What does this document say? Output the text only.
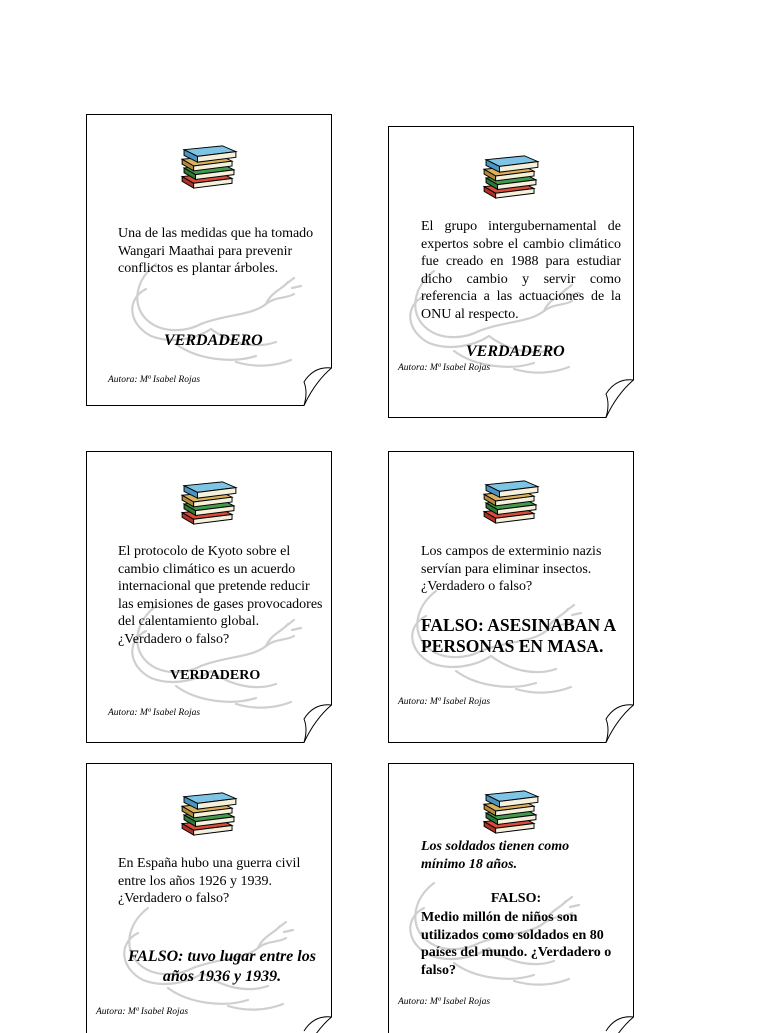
Una de las medidas que ha tomado Wangari Maathai para prevenir conflictos es plantar árboles.
VERDADERO
Autora: Mª Isabel Rojas
El grupo intergubernamental de expertos sobre el cambio climático fue creado en 1988 para estudiar dicho cambio y servir como referencia a las actuaciones de la ONU al respecto.
VERDADERO
Autora: Mª Isabel Rojas
El protocolo de Kyoto sobre el cambio climático es un acuerdo internacional que pretende reducir las emisiones de gases provocadores del calentamiento global. ¿Verdadero o falso?
VERDADERO
Autora: Mª Isabel Rojas
Los campos de exterminio nazis servían para eliminar insectos. ¿Verdadero o falso?
FALSO: ASESINABAN A PERSONAS EN MASA.
Autora: Mª Isabel Rojas
En España hubo una guerra civil entre los años 1926 y 1939. ¿Verdadero o falso?
FALSO: tuvo lugar entre los años 1936 y 1939.
Autora: Mª Isabel Rojas
Los soldados tienen como mínimo 18 años.
FALSO:
Medio millón de niños son utilizados como soldados en 80 países del mundo. ¿Verdadero o falso?
Autora: Mª Isabel Rojas
